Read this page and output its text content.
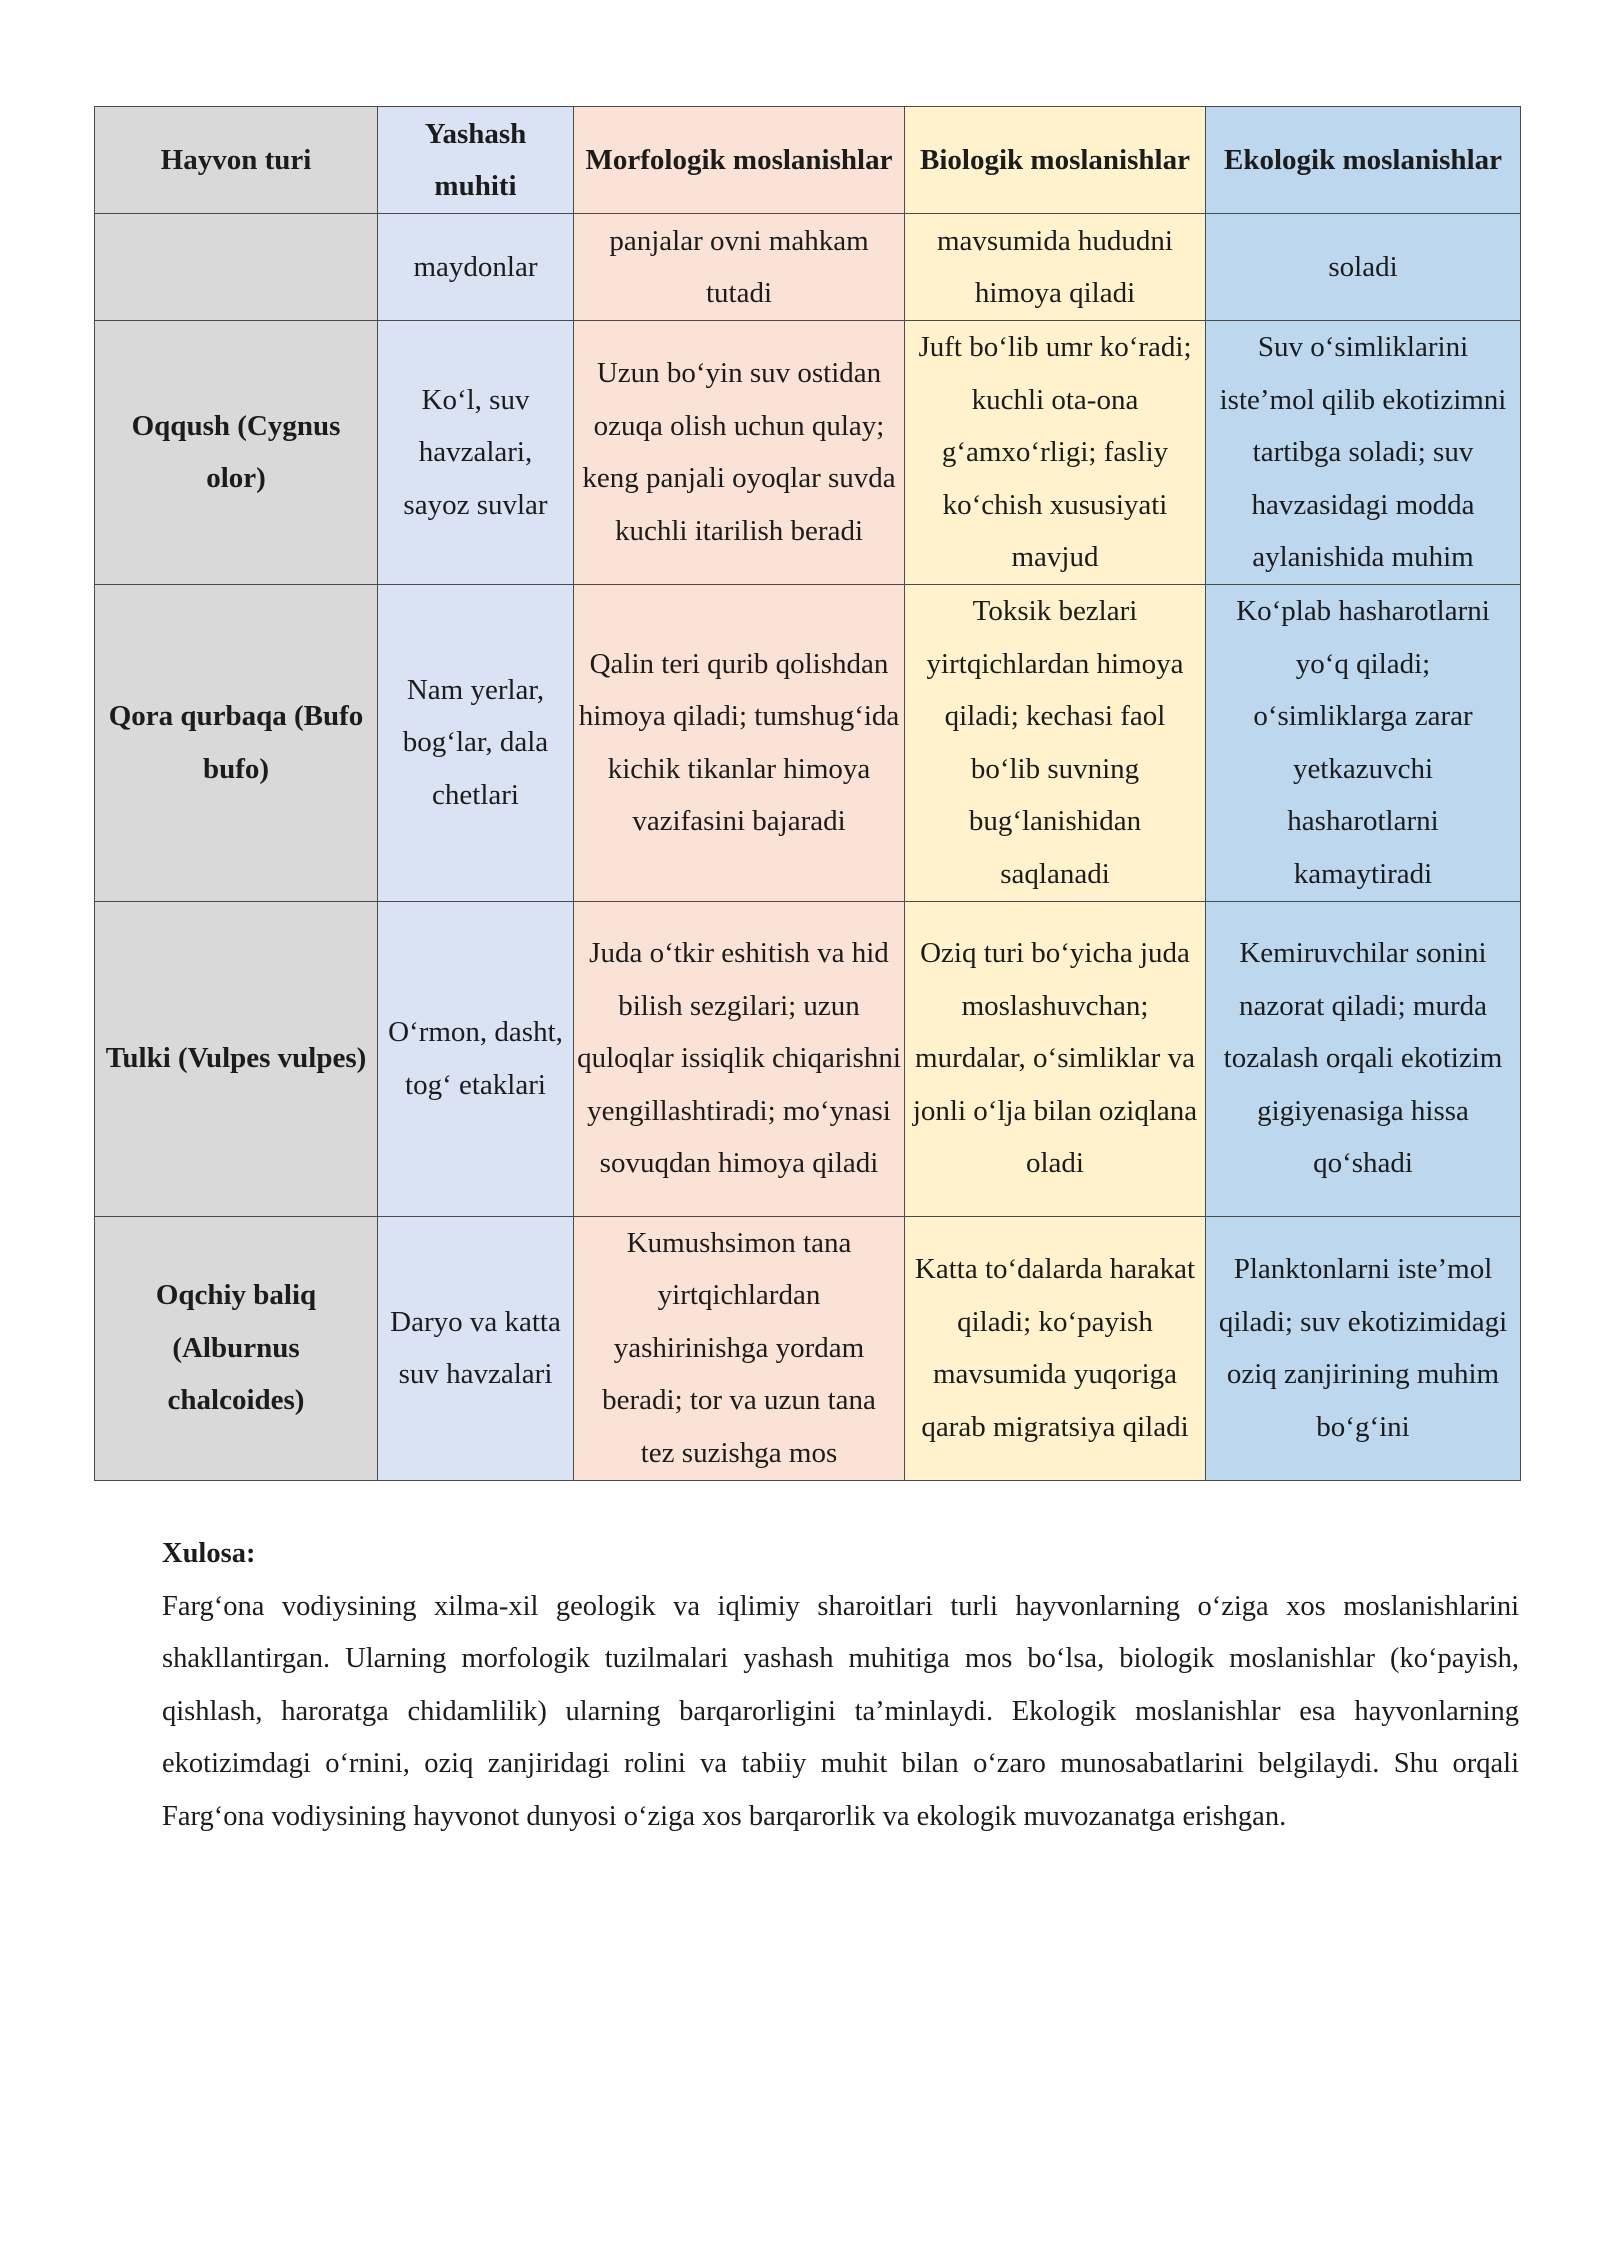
Hayvon turi	Yashash muhiti	Morfologik moslanishlar	Biologik moslanishlar	Ekologik moslanishlar
	maydonlar	panjalar ovni mahkam tutadi	mavsumida hududni himoya qiladi	soladi
Oqqush (Cygnus olor)	Ko‘l, suv havzalari, sayoz suvlar	Uzun bo‘yin suv ostidan ozuqa olish uchun qulay; keng panjali oyoqlar suvda kuchli itarilish beradi	Juft bo‘lib umr ko‘radi; kuchli ota-ona g‘amxo‘rligi; fasliy ko‘chish xususiyati mavjud	Suv o‘simliklarini iste’mol qilib ekotizimni tartibga soladi; suv havzasidagi modda aylanishida muhim
Qora qurbaqa (Bufo bufo)	Nam yerlar, bog‘lar, dala chetlari	Qalin teri qurib qolishdan himoya qiladi; tumshug‘ida kichik tikanlar himoya vazifasini bajaradi	Toksik bezlari yirtqichlardan himoya qiladi; kechasi faol bo‘lib suvning bug‘lanishidan saqlanadi	Ko‘plab hasharotlarni yo‘q qiladi; o‘simliklarga zarar yetkazuvchi hasharotlarni kamaytiradi
Tulki (Vulpes vulpes)	O‘rmon, dasht, tog‘ etaklari	Juda o‘tkir eshitish va hid bilish sezgilari; uzun quloqlar issiqlik chiqarishni yengillashtiradi; mo‘ynasi sovuqdan himoya qiladi	Oziq turi bo‘yicha juda moslashuvchan; murdalar, o‘simliklar va jonli o‘lja bilan oziqlana oladi	Kemiruvchilar sonini nazorat qiladi; murda tozalash orqali ekotizim gigiyenasiga hissa qo‘shadi
Oqchiy baliq (Alburnus chalcoides)	Daryo va katta suv havzalari	Kumushsimon tana yirtqichlardan yashirinishga yordam beradi; tor va uzun tana tez suzishga mos	Katta to‘dalarda harakat qiladi; ko‘payish mavsumida yuqoriga qarab migratsiya qiladi	Planktonlarni iste’mol qiladi; suv ekotizimidagi oziq zanjirining muhim bo‘g‘ini
Xulosa:
Farg‘ona vodiysining xilma-xil geologik va iqlimiy sharoitlari turli hayvonlarning o‘ziga xos moslanishlarini shakllantirgan. Ularning morfologik tuzilmalari yashash muhitiga mos bo‘lsa, biologik moslanishlar (ko‘payish, qishlash, haroratga chidamlilik) ularning barqarorligini ta’minlaydi. Ekologik moslanishlar esa hayvonlarning ekotizimdagi o‘rnini, oziq zanjiridagi rolini va tabiiy muhit bilan o‘zaro munosabatlarini belgilaydi. Shu orqali Farg‘ona vodiysining hayvonot dunyosi o‘ziga xos barqarorlik va ekologik muvozanatga erishgan.
